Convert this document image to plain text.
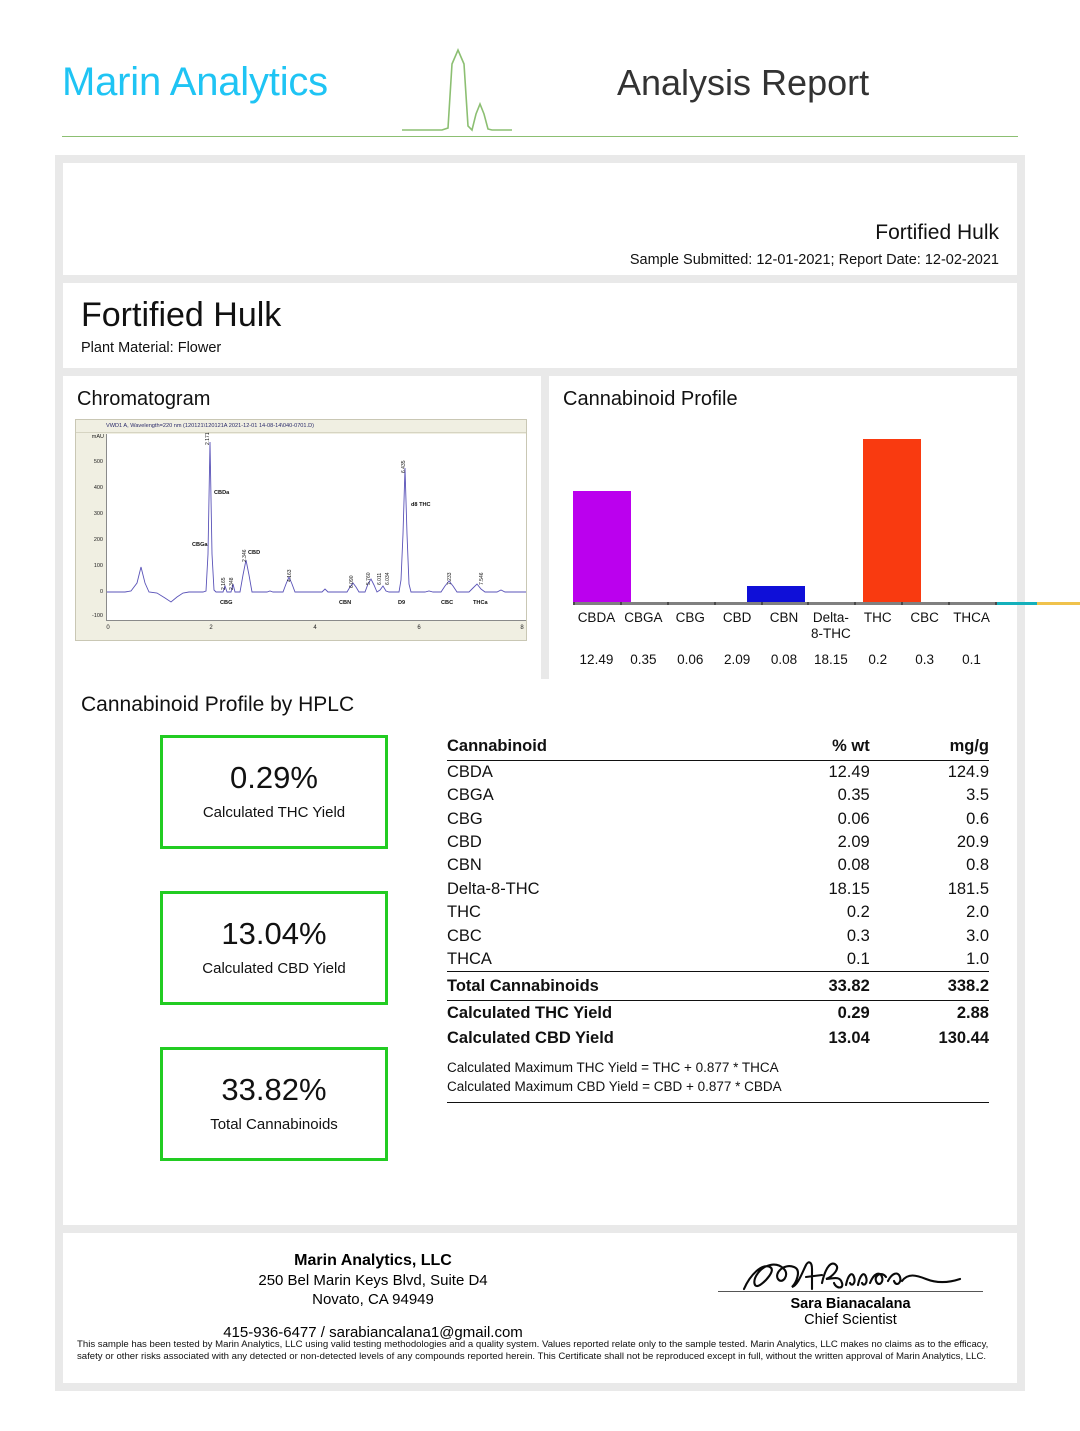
Marin Analytics	Analysis Report
Fortified Hulk
Sample Submitted: 12-01-2021; Report Date: 12-02-2021
Fortified Hulk
Plant Material: Flower
Chromatogram
VWD1 A, Wavelength=220 nm (120121\120121A 2021-12-01 14-08-14\040-0701.D)
mAU
500
400
300
200
100
0
-100
CBDa
CBGa
CBD
CBG	CBN	D9
d8 THC
CBC	THCa
2.171
2.165 2.348
2.346
4.163	6.090 5.760 6.011 6.034
6.435
7.233	7.546
0	2	4	6	8
Cannabinoid Profile
CBDA CBGA CBG	CBD	CBN	Delta-
8-THC
THC	CBC	THCA
12.49	0.35	0.06	2.09	0.08	18.15	0.2	0.3	0.1
Cannabinoid Profile by HPLC
0.29%
Calculated THC Yield
13.04%
Calculated CBD Yield
33.82%
Total Cannabinoids
Cannabinoid	% wt	mg/g
CBDA	12.49	124.9
CBGA	0.35	3.5
CBG	0.06	0.6
CBD	2.09	20.9
CBN	0.08	0.8
Delta-8-THC	18.15	181.5
THC	0.2	2.0
CBC	0.3	3.0
THCA	0.1	1.0
Total Cannabinoids	33.82	338.2
Calculated THC Yield	0.29	2.88
Calculated CBD Yield	13.04	130.44
Calculated Maximum THC Yield = THC + 0.877 * THCA
Calculated Maximum CBD Yield = CBD + 0.877 * CBDA
Marin Analytics, LLC
250 Bel Marin Keys Blvd, Suite D4
Novato, CA 94949
415-936-6477 / sarabiancalana1@gmail.com
Sara Bianacalana
Chief Scientist
This sample has been tested by Marin Analytics, LLC using valid testing methodologies and a quality system. Values reported relate only to the sample tested. Marin Analytics, LLC makes no claims as to the efficacy, safety or other risks associated with any detected or non-detected levels of any compounds reported herein. This Certificate shall not be reproduced except in full, without the written approval of Marin Analytics, LLC.
